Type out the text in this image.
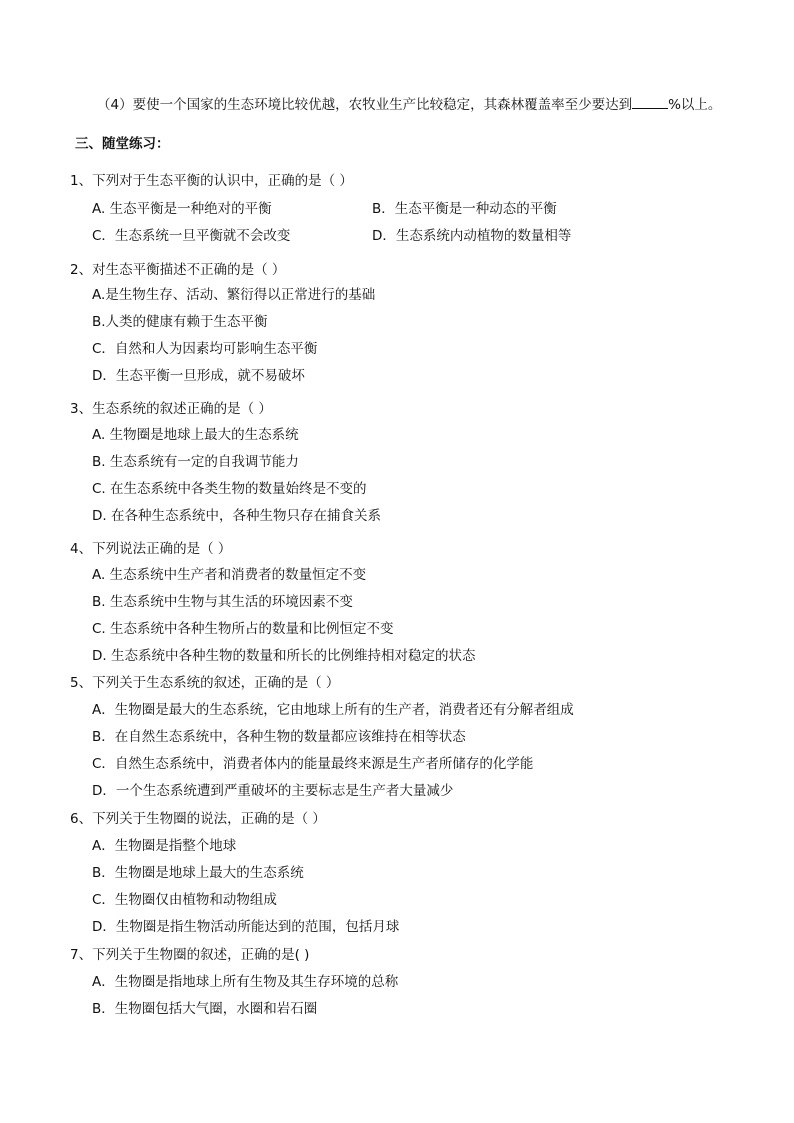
（4）要使一个国家的生态环境比较优越，农牧业生产比较稳定，其森林覆盖率至少要达到	%以上。
三、随堂练习：
1、下列对于生态平衡的认识中，正确的是（ ）
A. 生态平衡是一种绝对的平衡	B．生态平衡是一种动态的平衡
C．生态系统一旦平衡就不会改变	D．生态系统内动植物的数量相等
2、对生态平衡描述不正确的是（ ）
A.是生物生存、活动、繁衍得以正常进行的基础
B.人类的健康有赖于生态平衡
C．自然和人为因素均可影响生态平衡
D．生态平衡一旦形成，就不易破坏
3、生态系统的叙述正确的是（ ）
A. 生物圈是地球上最大的生态系统
B. 生态系统有一定的自我调节能力
C. 在生态系统中各类生物的数量始终是不变的
D. 在各种生态系统中，各种生物只存在捕食关系
4、下列说法正确的是（ ）
A. 生态系统中生产者和消费者的数量恒定不变
B. 生态系统中生物与其生活的环境因素不变
C. 生态系统中各种生物所占的数量和比例恒定不变
D. 生态系统中各种生物的数量和所长的比例维持相对稳定的状态
5、下列关于生态系统的叙述，正确的是（ ）
A．生物圈是最大的生态系统，它由地球上所有的生产者，消费者还有分解者组成
B．在自然生态系统中，各种生物的数量都应该维持在相等状态
C．自然生态系统中，消费者体内的能量最终来源是生产者所储存的化学能
D．一个生态系统遭到严重破坏的主要标志是生产者大量减少
6、下列关于生物圈的说法，正确的是（ ）
A．生物圈是指整个地球
B．生物圈是地球上最大的生态系统
C．生物圈仅由植物和动物组成
D．生物圈是指生物活动所能达到的范围，包括月球
7、下列关于生物圈的叙述，正确的是( )
A．生物圈是指地球上所有生物及其生存环境的总称
B．生物圈包括大气圈，水圈和岩石圈
